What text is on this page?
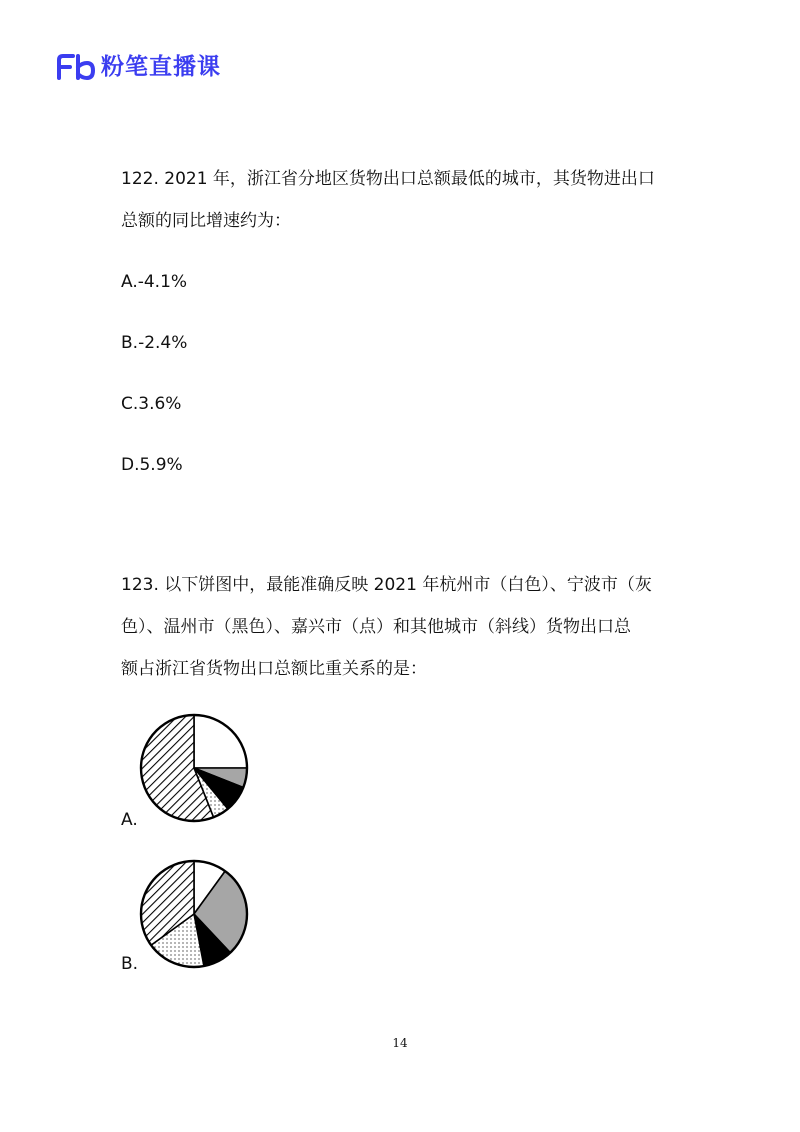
粉笔直播课

122. 2021 年，浙江省分地区货物出口总额最低的城市，其货物进出口

总额的同比增速约为：

A.-4.1%
B.-2.4%
C.3.6%
D.5.9%

123. 以下饼图中，最能准确反映 2021 年杭州市（白色）、宁波市（灰

色）、温州市（黑色）、嘉兴市（点）和其他城市（斜线）货物出口总

额占浙江省货物出口总额比重关系的是：

A.
B.
14
